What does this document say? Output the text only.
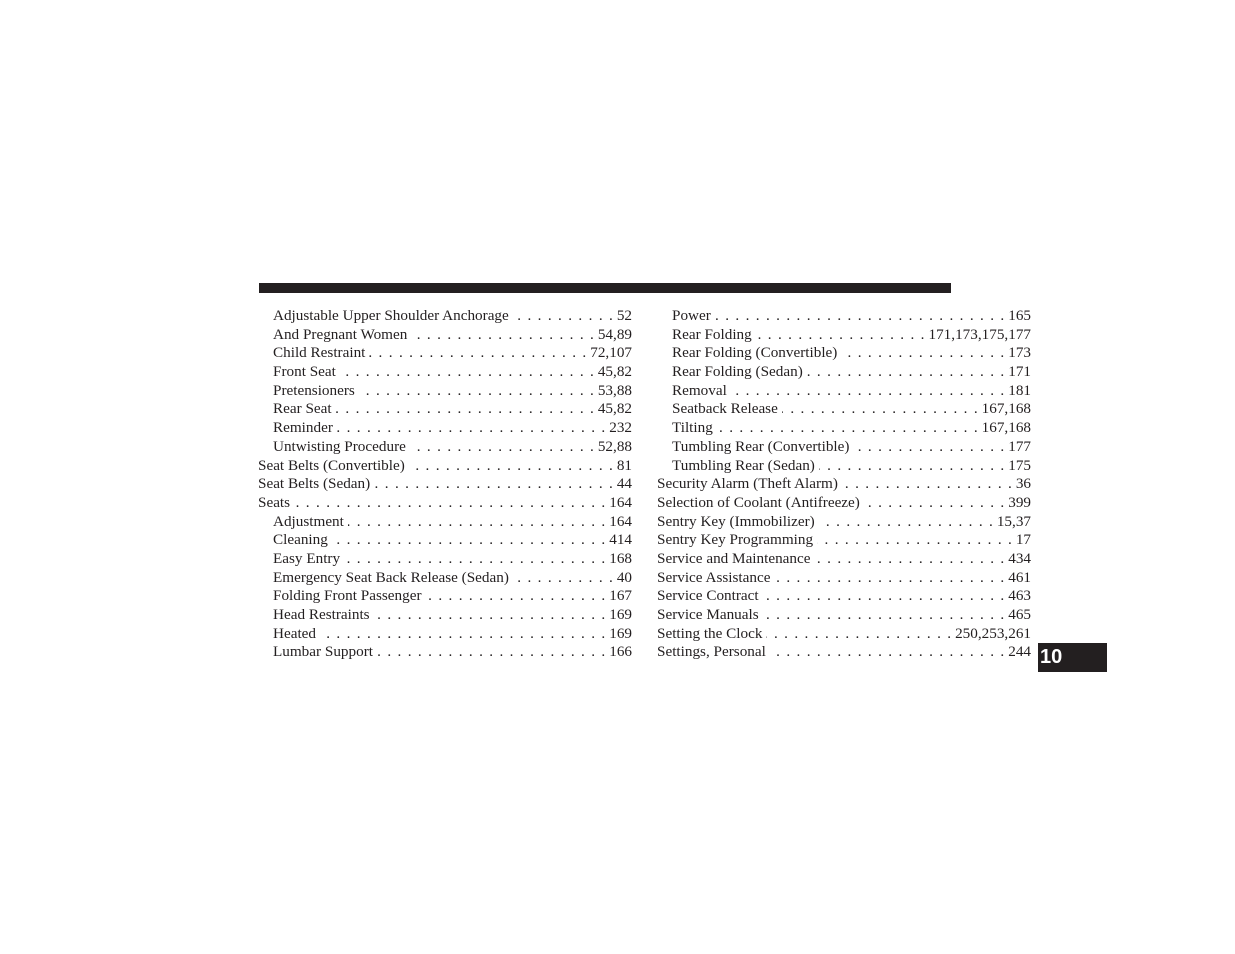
Adjustable Upper Shoulder Anchorage . . .	52
And Pregnant Women . . .	54,89
Child Restraint . . .	72,107
Front Seat . . .	45,82
Pretensioners . . .	53,88
Rear Seat . . .	45,82
Reminder . . .	232
Untwisting Procedure . . .	52,88
Seat Belts (Convertible) . . .	81
Seat Belts (Sedan) . . .	44
Seats . . .	164
Adjustment . . .	164
Cleaning . . .	414
Easy Entry . . .	168
Emergency Seat Back Release (Sedan) . . .	40
Folding Front Passenger . . .	167
Head Restraints . . .	169
Heated . . .	169
Lumbar Support . . .	166
Power . . .	165
Rear Folding . . .	171,173,175,177
Rear Folding (Convertible) . . .	173
Rear Folding (Sedan) . . .	171
Removal . . .	181
Seatback Release . . .	167,168
Tilting . . .	167,168
Tumbling Rear (Convertible) . . .	177
Tumbling Rear (Sedan) . . .	175
Security Alarm (Theft Alarm) . . .	36
Selection of Coolant (Antifreeze) . . .	399
Sentry Key (Immobilizer) . . .	15,37
Sentry Key Programming . . .	17
Service and Maintenance . . .	434
Service Assistance . . .	461
Service Contract . . .	463
Service Manuals . . .	465
Setting the Clock . . .	250,253,261
Settings, Personal . . .	244 10
